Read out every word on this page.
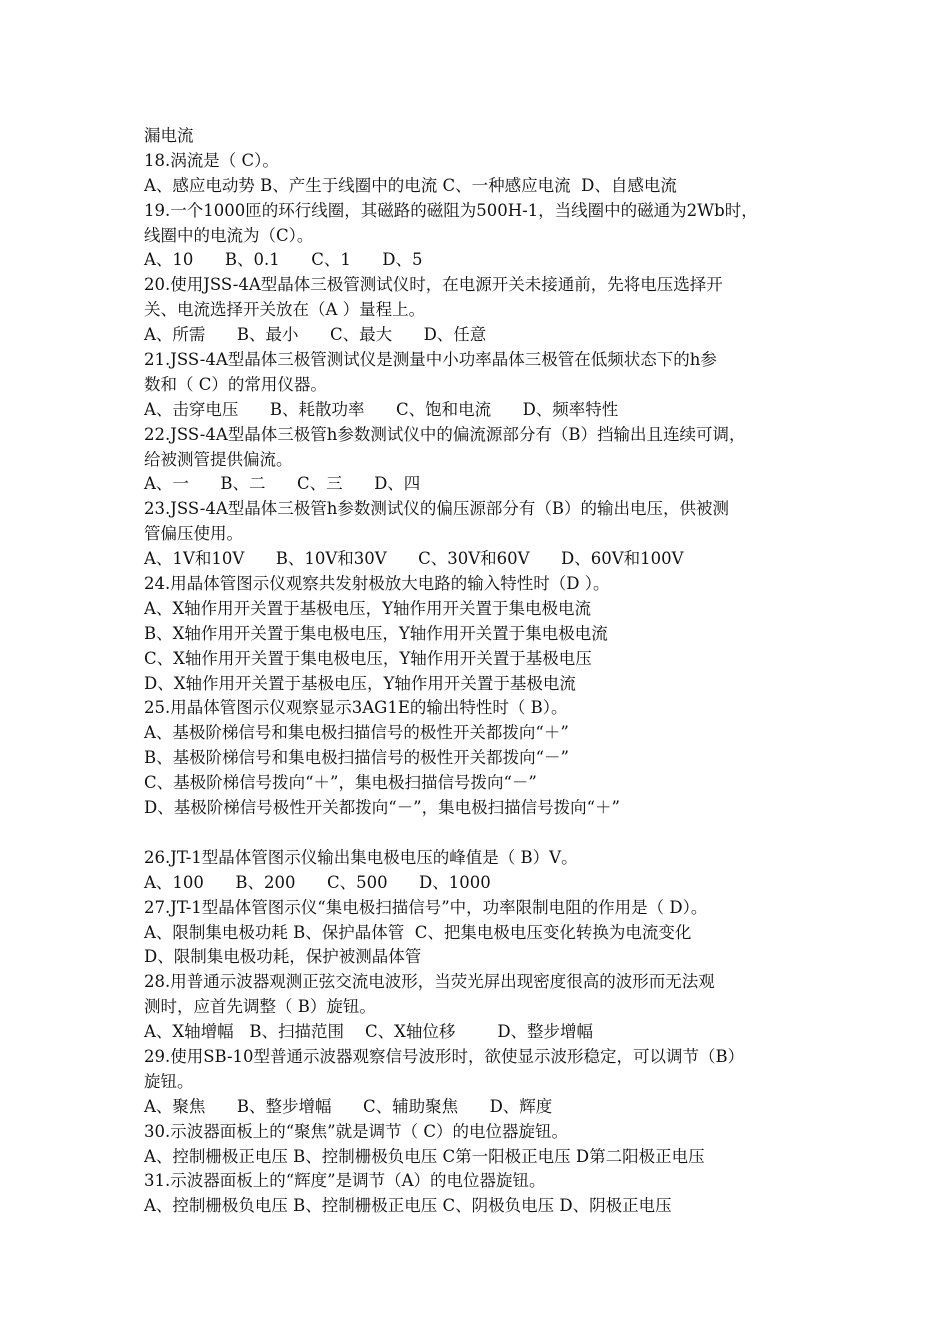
漏电流
18.涡流是（ C）。
A、感应电动势 B、产生于线圈中的电流 C、一种感应电流  D、自感电流
19.一个1000匝的环行线圈，其磁路的磁阻为500H-1，当线圈中的磁通为2Wb时，
线圈中的电流为（C）。
A、10      B、0.1      C、1      D、5
20.使用JSS-4A型晶体三极管测试仪时，在电源开关未接通前，先将电压选择开
关、电流选择开关放在（A ）量程上。
A、所需      B、最小      C、最大      D、任意
21.JSS-4A型晶体三极管测试仪是测量中小功率晶体三极管在低频状态下的h参
数和（ C）的常用仪器。
A、击穿电压      B、耗散功率      C、饱和电流      D、频率特性
22.JSS-4A型晶体三极管h参数测试仪中的偏流源部分有（B）挡输出且连续可调，
给被测管提供偏流。
A、一      B、二      C、三      D、四
23.JSS-4A型晶体三极管h参数测试仪的偏压源部分有（B）的输出电压，供被测
管偏压使用。
A、1V和10V      B、10V和30V      C、30V和60V      D、60V和100V
24.用晶体管图示仪观察共发射极放大电路的输入特性时（D ）。
A、X轴作用开关置于基极电压，Y轴作用开关置于集电极电流
B、X轴作用开关置于集电极电压，Y轴作用开关置于集电极电流
C、X轴作用开关置于集电极电压，Y轴作用开关置于基极电压
D、X轴作用开关置于基极电压，Y轴作用开关置于基极电流
25.用晶体管图示仪观察显示3AG1E的输出特性时（ B）。
A、基极阶梯信号和集电极扫描信号的极性开关都拨向“＋”
B、基极阶梯信号和集电极扫描信号的极性开关都拨向“－”
C、基极阶梯信号拨向“＋”，集电极扫描信号拨向“－”
D、基极阶梯信号极性开关都拨向“－”，集电极扫描信号拨向“＋”
26.JT-1型晶体管图示仪输出集电极电压的峰值是（ B）V。
A、100      B、200      C、500      D、1000
27.JT-1型晶体管图示仪“集电极扫描信号”中，功率限制电阻的作用是（ D）。
A、限制集电极功耗 B、保护晶体管  C、把集电极电压变化转换为电流变化
D、限制集电极功耗，保护被测晶体管
28.用普通示波器观测正弦交流电波形，当荧光屏出现密度很高的波形而无法观
测时，应首先调整（ B）旋钮。
A、X轴增幅   B、扫描范围    C、X轴位移        D、整步增幅
29.使用SB-10型普通示波器观察信号波形时，欲使显示波形稳定，可以调节（B）
旋钮。
A、聚焦      B、整步增幅      C、辅助聚焦      D、辉度
30.示波器面板上的“聚焦”就是调节（ C）的电位器旋钮。
A、控制栅极正电压 B、控制栅极负电压 C第一阳极正电压 D第二阳极正电压
31.示波器面板上的“辉度”是调节（A）的电位器旋钮。
A、控制栅极负电压 B、控制栅极正电压 C、阴极负电压 D、阴极正电压
